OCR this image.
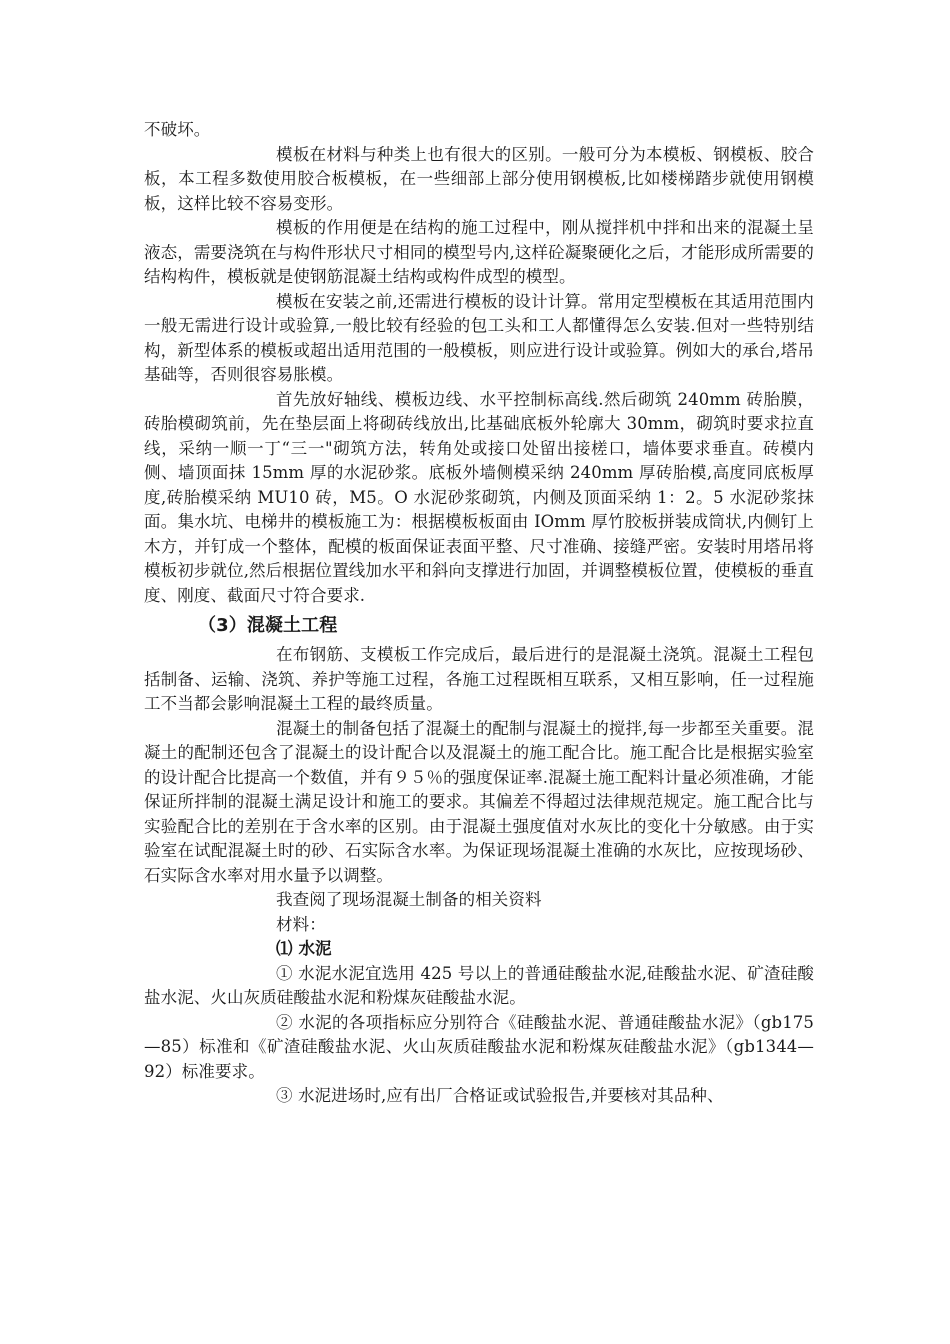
不破坏。

模板在材料与种类上也有很大的区别。一般可分为本模板、钢模板、胶合板，本工程多数使用胶合板模板，在一些细部上部分使用钢模板,比如楼梯踏步就使用钢模板，这样比较不容易变形。

模板的作用便是在结构的施工过程中，刚从搅拌机中拌和出来的混凝土呈液态，需要浇筑在与构件形状尺寸相同的模型号内,这样砼凝聚硬化之后，才能形成所需要的结构构件，模板就是使钢筋混凝土结构或构件成型的模型。

模板在安装之前,还需进行模板的设计计算。常用定型模板在其适用范围内一般无需进行设计或验算,一般比较有经验的包工头和工人都懂得怎么安装.但对一些特别结构，新型体系的模板或超出适用范围的一般模板，则应进行设计或验算。例如大的承台,塔吊基础等，否则很容易胀模。

首先放好轴线、模板边线、水平控制标高线.然后砌筑 240mm 砖胎膜，砖胎模砌筑前，先在垫层面上将砌砖线放出,比基础底板外轮廓大 30mm，砌筑时要求拉直线，采纳一顺一丁“三一"砌筑方法，转角处或接口处留出接槎口，墙体要求垂直。砖模内侧、墙顶面抹 15mm 厚的水泥砂浆。底板外墙侧模采纳 240mm 厚砖胎模,高度同底板厚度,砖胎模采纳 MU10 砖，M5。O 水泥砂浆砌筑，内侧及顶面采纳 1：2。5 水泥砂浆抹面。集水坑、电梯井的模板施工为：根据模板板面由 IOmm 厚竹胶板拼装成筒状,内侧钉上木方，并钉成一个整体，配模的板面保证表面平整、尺寸准确、接缝严密。安装时用塔吊将模板初步就位,然后根据位置线加水平和斜向支撑进行加固，并调整模板位置，使模板的垂直度、刚度、截面尺寸符合要求.

（3）混凝土工程

在布钢筋、支模板工作完成后，最后进行的是混凝土浇筑。混凝土工程包括制备、运输、浇筑、养护等施工过程，各施工过程既相互联系，又相互影响，任一过程施工不当都会影响混凝土工程的最终质量。

混凝土的制备包括了混凝土的配制与混凝土的搅拌,每一步都至关重要。混凝土的配制还包含了混凝土的设计配合以及混凝土的施工配合比。施工配合比是根据实验室的设计配合比提高一个数值，并有９５％的强度保证率.混凝土施工配料计量必须准确，才能保证所拌制的混凝土满足设计和施工的要求。其偏差不得超过法律规范规定。施工配合比与实验配合比的差别在于含水率的区别。由于混凝土强度值对水灰比的变化十分敏感。由于实验室在试配混凝土时的砂、石实际含水率。为保证现场混凝土准确的水灰比，应按现场砂、石实际含水率对用水量予以调整。

我查阅了现场混凝土制备的相关资料

材料：

⑴ 水泥

① 水泥水泥宜选用 425 号以上的普通硅酸盐水泥,硅酸盐水泥、矿渣硅酸盐水泥、火山灰质硅酸盐水泥和粉煤灰硅酸盐水泥。

② 水泥的各项指标应分别符合《硅酸盐水泥、普通硅酸盐水泥》（gb175—85）标准和《矿渣硅酸盐水泥、火山灰质硅酸盐水泥和粉煤灰硅酸盐水泥》（gb1344—92）标准要求。

③ 水泥进场时,应有出厂合格证或试验报告,并要核对其品种、
